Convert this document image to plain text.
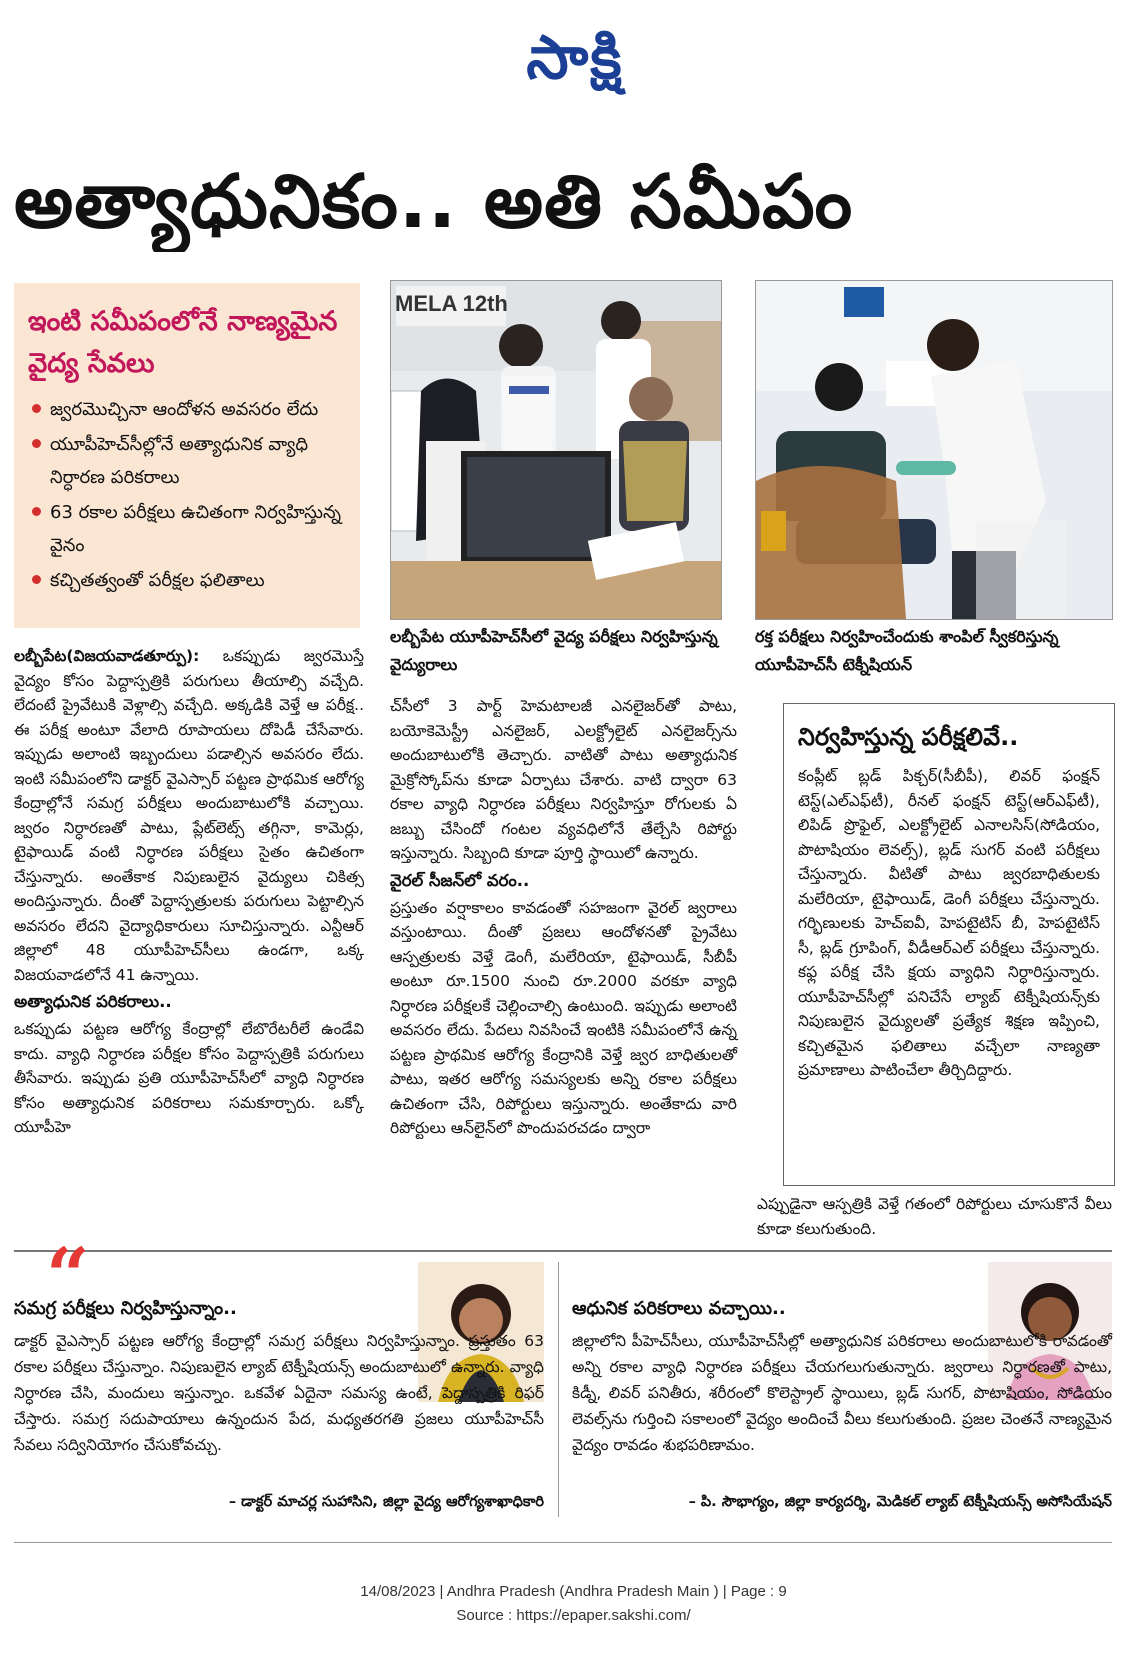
సాక్షి
అత్యాధునికం.. అతి సమీపం
ఇంటి సమీపంలోనే నాణ్యమైన వైద్య సేవలు
జ్వరమొచ్చినా ఆందోళన అవసరం లేదు
యూపీహెచ్‌సీల్లోనే అత్యాధునిక వ్యాధి నిర్ధారణ పరికరాలు
63 రకాల పరీక్షలు ఉచితంగా నిర్వహిస్తున్న వైనం
కచ్చితత్వంతో పరీక్షల ఫలితాలు
MELA 12th
లబ్బీపేట యూపీహెచ్‌సీలో వైద్య పరీక్షలు నిర్వహిస్తున్న వైద్యురాలు
రక్త పరీక్షలు నిర్వహించేందుకు శాంపిల్ స్వీకరిస్తున్న యూపీహెచ్‌సీ టెక్నీషియన్

లబ్బీపేట(విజయవాడతూర్పు): ఒకప్పుడు జ్వరమొస్తే వైద్యం కోసం పెద్దాస్పత్రికి పరుగులు తీయాల్సి వచ్చేది. లేదంటే ప్రైవేటుకి వెళ్లాల్సి వచ్చేది. అక్కడికి వెళ్తే ఆ పరీక్ష.. ఈ పరీక్ష అంటూ వేలాది రూపాయలు దోపిడీ చేసేవారు. ఇప్పుడు అలాంటి ఇబ్బందులు పడాల్సిన అవసరం లేదు. ఇంటి సమీపంలోని డాక్టర్ వైఎస్సార్ పట్టణ ప్రాథమిక ఆరోగ్య కేంద్రాల్లోనే సమగ్ర పరీక్షలు అందుబాటులోకి వచ్చాయి. జ్వరం నిర్ధారణతో పాటు, ప్లేట్‌లెట్స్ తగ్గినా, కామెర్లు, టైఫాయిడ్ వంటి నిర్ధారణ పరీక్షలు సైతం ఉచితంగా చేస్తున్నారు. అంతేకాక నిపుణులైన వైద్యులు చికిత్స అందిస్తున్నారు. దీంతో పెద్దాస్పత్రులకు పరుగులు పెట్టాల్సిన అవసరం లేదని వైద్యాధికారులు సూచిస్తున్నారు. ఎన్టీఆర్ జిల్లాలో 48 యూపీహెచ్‌సీలు ఉండగా, ఒక్క విజయవాడలోనే 41 ఉన్నాయి.

అత్యాధునిక పరికరాలు..

ఒకప్పుడు పట్టణ ఆరోగ్య కేంద్రాల్లో లేబొరేటరీలే ఉండేవి కాదు. వ్యాధి నిర్ధారణ పరీక్షల కోసం పెద్దాస్పత్రికి పరుగులు తీసేవారు. ఇప్పుడు ప్రతి యూపీహెచ్‌సీలో వ్యాధి నిర్ధారణ కోసం అత్యాధునిక పరికరాలు సమకూర్చారు. ఒక్కో యూపీహె

చ్‌సీలో 3 పార్ట్ హెమటాలజీ ఎనలైజర్‌తో పాటు, బయోకెమెస్ట్రీ ఎనలైజర్, ఎలక్ట్రోలైట్ ఎనలైజర్స్‌ను అందుబాటులోకి తెచ్చారు. వాటితో పాటు అత్యాధునిక మైక్రోస్కోప్‌ను కూడా ఏర్పాటు చేశారు. వాటి ద్వారా 63 రకాల వ్యాధి నిర్ధారణ పరీక్షలు నిర్వహిస్తూ రోగులకు ఏ జబ్బు చేసిందో గంటల వ్యవధిలోనే తేల్చేసి రిపోర్టు ఇస్తున్నారు. సిబ్బంది కూడా పూర్తి స్థాయిలో ఉన్నారు.

వైరల్ సీజన్‌లో వరం..

ప్రస్తుతం వర్షాకాలం కావడంతో సహజంగా వైరల్ జ్వరాలు వస్తుంటాయి. దీంతో ప్రజలు ఆందోళనతో ప్రైవేటు ఆస్పత్రులకు వెళ్తే డెంగీ, మలేరియా, టైఫాయిడ్, సీబీపీ అంటూ రూ.1500 నుంచి రూ.2000 వరకూ వ్యాధి నిర్ధారణ పరీక్షలకే చెల్లించాల్సి ఉంటుంది. ఇప్పుడు అలాంటి అవసరం లేదు. పేదలు నివసించే ఇంటికి సమీపంలోనే ఉన్న పట్టణ ప్రాథమిక ఆరోగ్య కేంద్రానికి వెళ్తే జ్వర బాధితులతో పాటు, ఇతర ఆరోగ్య సమస్యలకు అన్ని రకాల పరీక్షలు ఉచితంగా చేసి, రిపోర్టులు ఇస్తున్నారు. అంతేకాదు వారి రిపోర్టులు ఆన్‌లైన్‌లో పొందుపరచడం ద్వారా

నిర్వహిస్తున్న పరీక్షలివే..
కంప్లీట్ బ్లడ్ పిక్చర్(సీబీపీ), లివర్ ఫంక్షన్ టెస్ట్(ఎల్‌ఎఫ్‌టీ), రీనల్ ఫంక్షన్ టెస్ట్(ఆర్‌ఎఫ్‌టీ), లిపిడ్ ప్రొఫైల్, ఎలక్ట్రోలైట్ ఎనాలసిస్(సోడియం, పొటాషియం లెవల్స్), బ్లడ్ సుగర్ వంటి పరీక్షలు చేస్తున్నారు. వీటితో పాటు జ్వరబాధితులకు మలేరియా, టైఫాయిడ్, డెంగీ పరీక్షలు చేస్తున్నారు. గర్భిణులకు హెచ్‌ఐవీ, హెపటైటిస్ బీ, హెపటైటిస్ సీ, బ్లడ్ గ్రూపింగ్, వీడీఆర్‌ఎల్ పరీక్షలు చేస్తున్నారు. కఫ్ల పరీక్ష చేసి క్షయ వ్యాధిని నిర్ధారిస్తున్నారు. యూపీహెచ్‌సీల్లో పనిచేసే ల్యాబ్ టెక్నీషియన్స్‌కు నిపుణులైన వైద్యులతో ప్రత్యేక శిక్షణ ఇప్పించి, కచ్చితమైన ఫలితాలు వచ్చేలా నాణ్యతా ప్రమాణాలు పాటించేలా తీర్చిదిద్దారు.
ఎప్పుడైనా ఆస్పత్రికి వెళ్తే గతంలో రిపోర్టులు చూసుకొనే వీలు కూడా కలుగుతుంది.
“
సమగ్ర పరీక్షలు నిర్వహిస్తున్నాం..
డాక్టర్ వైఎస్సార్ పట్టణ ఆరోగ్య కేంద్రాల్లో సమగ్ర పరీక్షలు నిర్వహిస్తున్నాం. ప్రస్తుతం 63 రకాల పరీక్షలు చేస్తున్నాం. నిపుణులైన ల్యాబ్ టెక్నీషియన్స్ అందుబాటులో ఉన్నారు. వ్యాధి నిర్ధారణ చేసి, మందులు ఇస్తున్నాం. ఒకవేళ ఏదైనా సమస్య ఉంటే, పెద్దాస్పత్రికి రిఫర్ చేస్తారు. సమగ్ర సదుపాయాలు ఉన్నందున పేద, మధ్యతరగతి ప్రజలు యూపీహెచ్‌సీ సేవలు సద్వినియోగం చేసుకోవచ్చు.
– డాక్టర్ మాచర్ల సుహాసిని, జిల్లా వైద్య ఆరోగ్యశాఖాధికారి
ఆధునిక పరికరాలు వచ్చాయి..
జిల్లాలోని పీహెచ్‌సీలు, యూపీహెచ్‌సీల్లో అత్యాధునిక పరికరాలు అందుబాటులోకి రావడంతో అన్ని రకాల వ్యాధి నిర్ధారణ పరీక్షలు చేయగలుగుతున్నారు. జ్వరాలు నిర్ధారణతో పాటు, కిడ్నీ, లివర్ పనితీరు, శరీరంలో కొలెస్ట్రాల్ స్థాయిలు, బ్లడ్ సుగర్, పొటాషియం, సోడియం లెవల్స్‌ను గుర్తించి సకాలంలో వైద్యం అందించే వీలు కలుగుతుంది. ప్రజల చెంతనే నాణ్యమైన వైద్యం రావడం శుభపరిణామం.
– పి. సౌభాగ్యం, జిల్లా కార్యదర్శి, మెడికల్ ల్యాబ్ టెక్నీషియన్స్ అసోసియేషన్
14/08/2023 | Andhra Pradesh (Andhra Pradesh Main ) | Page : 9
Source : https://epaper.sakshi.com/
